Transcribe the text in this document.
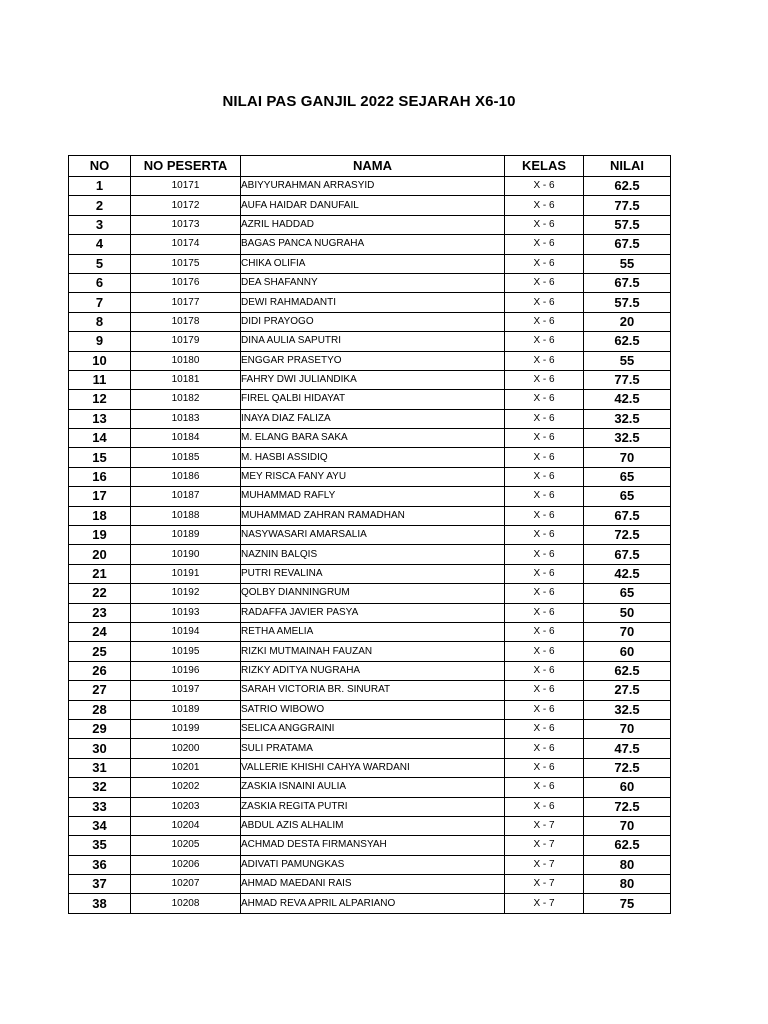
NILAI PAS GANJIL 2022 SEJARAH X6-10
NO	NO PESERTA	NAMA	KELAS	NILAI
1	10171	ABIYYURAHMAN ARRASYID	X - 6	62.5
2	10172	AUFA HAIDAR DANUFAIL	X - 6	77.5
3	10173	AZRIL HADDAD	X - 6	57.5
4	10174	BAGAS PANCA NUGRAHA	X - 6	67.5
5	10175	CHIKA OLIFIA	X - 6	55
6	10176	DEA SHAFANNY	X - 6	67.5
7	10177	DEWI RAHMADANTI	X - 6	57.5
8	10178	DIDI PRAYOGO	X - 6	20
9	10179	DINA AULIA SAPUTRI	X - 6	62.5
10	10180	ENGGAR PRASETYO	X - 6	55
11	10181	FAHRY DWI JULIANDIKA	X - 6	77.5
12	10182	FIREL QALBI HIDAYAT	X - 6	42.5
13	10183	INAYA DIAZ FALIZA	X - 6	32.5
14	10184	M. ELANG BARA SAKA	X - 6	32.5
15	10185	M. HASBI ASSIDIQ	X - 6	70
16	10186	MEY RISCA FANY AYU	X - 6	65
17	10187	MUHAMMAD RAFLY	X - 6	65
18	10188	MUHAMMAD ZAHRAN RAMADHAN	X - 6	67.5
19	10189	NASYWASARI AMARSALIA	X - 6	72.5
20	10190	NAZNIN BALQIS	X - 6	67.5
21	10191	PUTRI REVALINA	X - 6	42.5
22	10192	QOLBY DIANNINGRUM	X - 6	65
23	10193	RADAFFA JAVIER PASYA	X - 6	50
24	10194	RETHA AMELIA	X - 6	70
25	10195	RIZKI MUTMAINAH FAUZAN	X - 6	60
26	10196	RIZKY ADITYA NUGRAHA	X - 6	62.5
27	10197	SARAH VICTORIA BR. SINURAT	X - 6	27.5
28	10189	SATRIO WIBOWO	X - 6	32.5
29	10199	SELICA ANGGRAINI	X - 6	70
30	10200	SULI PRATAMA	X - 6	47.5
31	10201	VALLERIE KHISHI CAHYA WARDANI	X - 6	72.5
32	10202	ZASKIA ISNAINI AULIA	X - 6	60
33	10203	ZASKIA REGITA PUTRI	X - 6	72.5
34	10204	ABDUL AZIS ALHALIM	X - 7	70
35	10205	ACHMAD DESTA FIRMANSYAH	X - 7	62.5
36	10206	ADIVATI PAMUNGKAS	X - 7	80
37	10207	AHMAD MAEDANI RAIS	X - 7	80
38	10208	AHMAD REVA APRIL ALPARIANO	X - 7	75
